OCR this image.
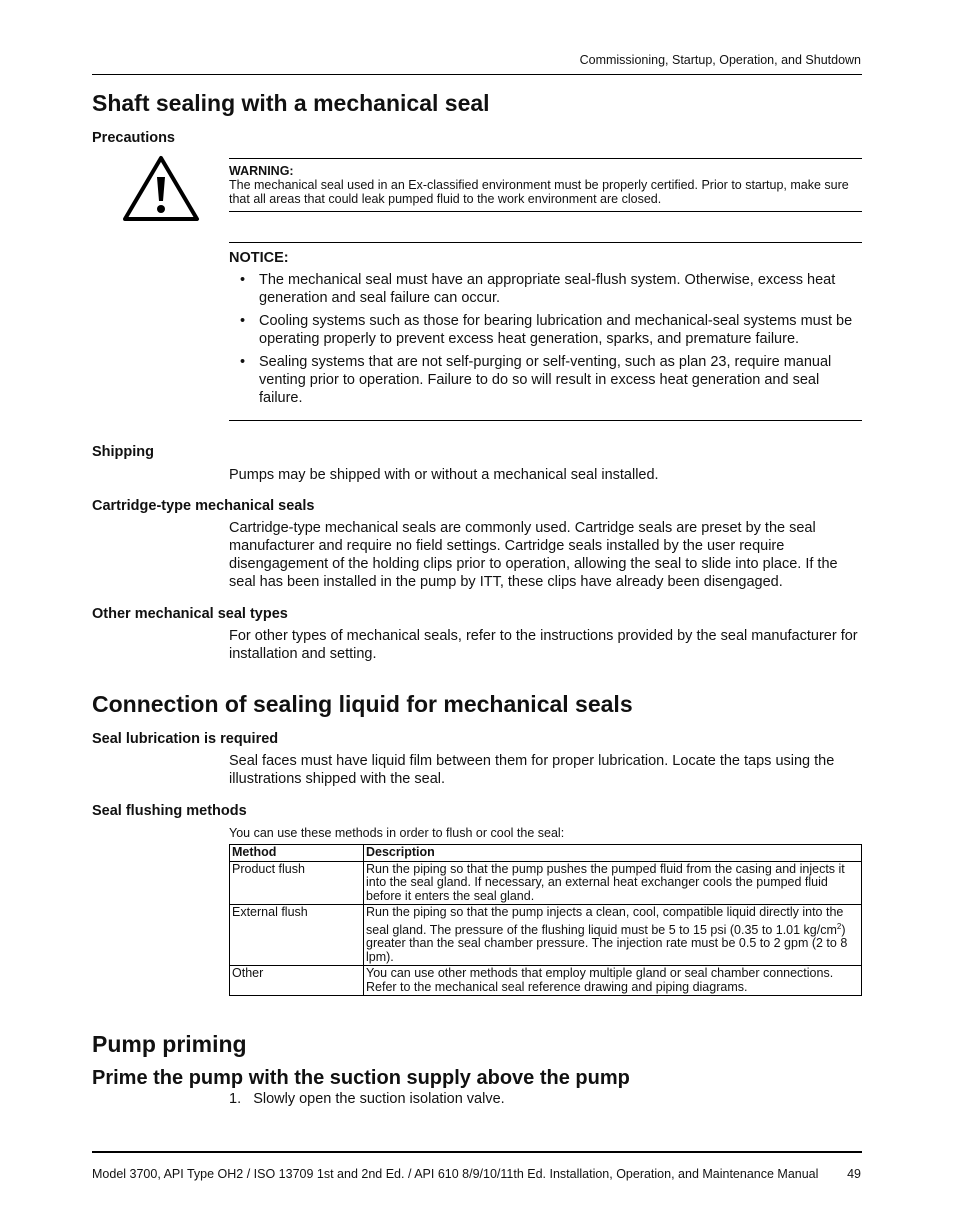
Commissioning, Startup, Operation, and Shutdown
Shaft sealing with a mechanical seal
Precautions
WARNING:
The mechanical seal used in an Ex-classified environment must be properly certified. Prior to startup, make sure that all areas that could leak pumped fluid to the work environment are closed.
NOTICE:
• The mechanical seal must have an appropriate seal-flush system. Otherwise, excess heat generation and seal failure can occur.
• Cooling systems such as those for bearing lubrication and mechanical-seal systems must be operating properly to prevent excess heat generation, sparks, and premature failure.
• Sealing systems that are not self-purging or self-venting, such as plan 23, require manual venting prior to operation. Failure to do so will result in excess heat generation and seal failure.
Shipping
Pumps may be shipped with or without a mechanical seal installed.
Cartridge-type mechanical seals
Cartridge-type mechanical seals are commonly used. Cartridge seals are preset by the seal manufacturer and require no field settings. Cartridge seals installed by the user require disengagement of the holding clips prior to operation, allowing the seal to slide into place. If the seal has been installed in the pump by ITT, these clips have already been disengaged.
Other mechanical seal types
For other types of mechanical seals, refer to the instructions provided by the seal manufacturer for installation and setting.
Connection of sealing liquid for mechanical seals
Seal lubrication is required
Seal faces must have liquid film between them for proper lubrication. Locate the taps using the illustrations shipped with the seal.
Seal flushing methods
You can use these methods in order to flush or cool the seal:
Method	Description
Product flush	Run the piping so that the pump pushes the pumped fluid from the casing and injects it into the seal gland. If necessary, an external heat exchanger cools the pumped fluid before it enters the seal gland.
External flush	Run the piping so that the pump injects a clean, cool, compatible liquid directly into the seal gland. The pressure of the flushing liquid must be 5 to 15 psi (0.35 to 1.01 $kg/cm^2$) greater than the seal chamber pressure. The injection rate must be 0.5 to 2 gpm (2 to 8 lpm).
Other	You can use other methods that employ multiple gland or seal chamber connections. Refer to the mechanical seal reference drawing and piping diagrams.
Pump priming
Prime the pump with the suction supply above the pump
1. Slowly open the suction isolation valve.
Model 3700, API Type OH2 / ISO 13709 1st and 2nd Ed. / API 610 8/9/10/11th Ed. Installation, Operation, and Maintenance Manual	49
